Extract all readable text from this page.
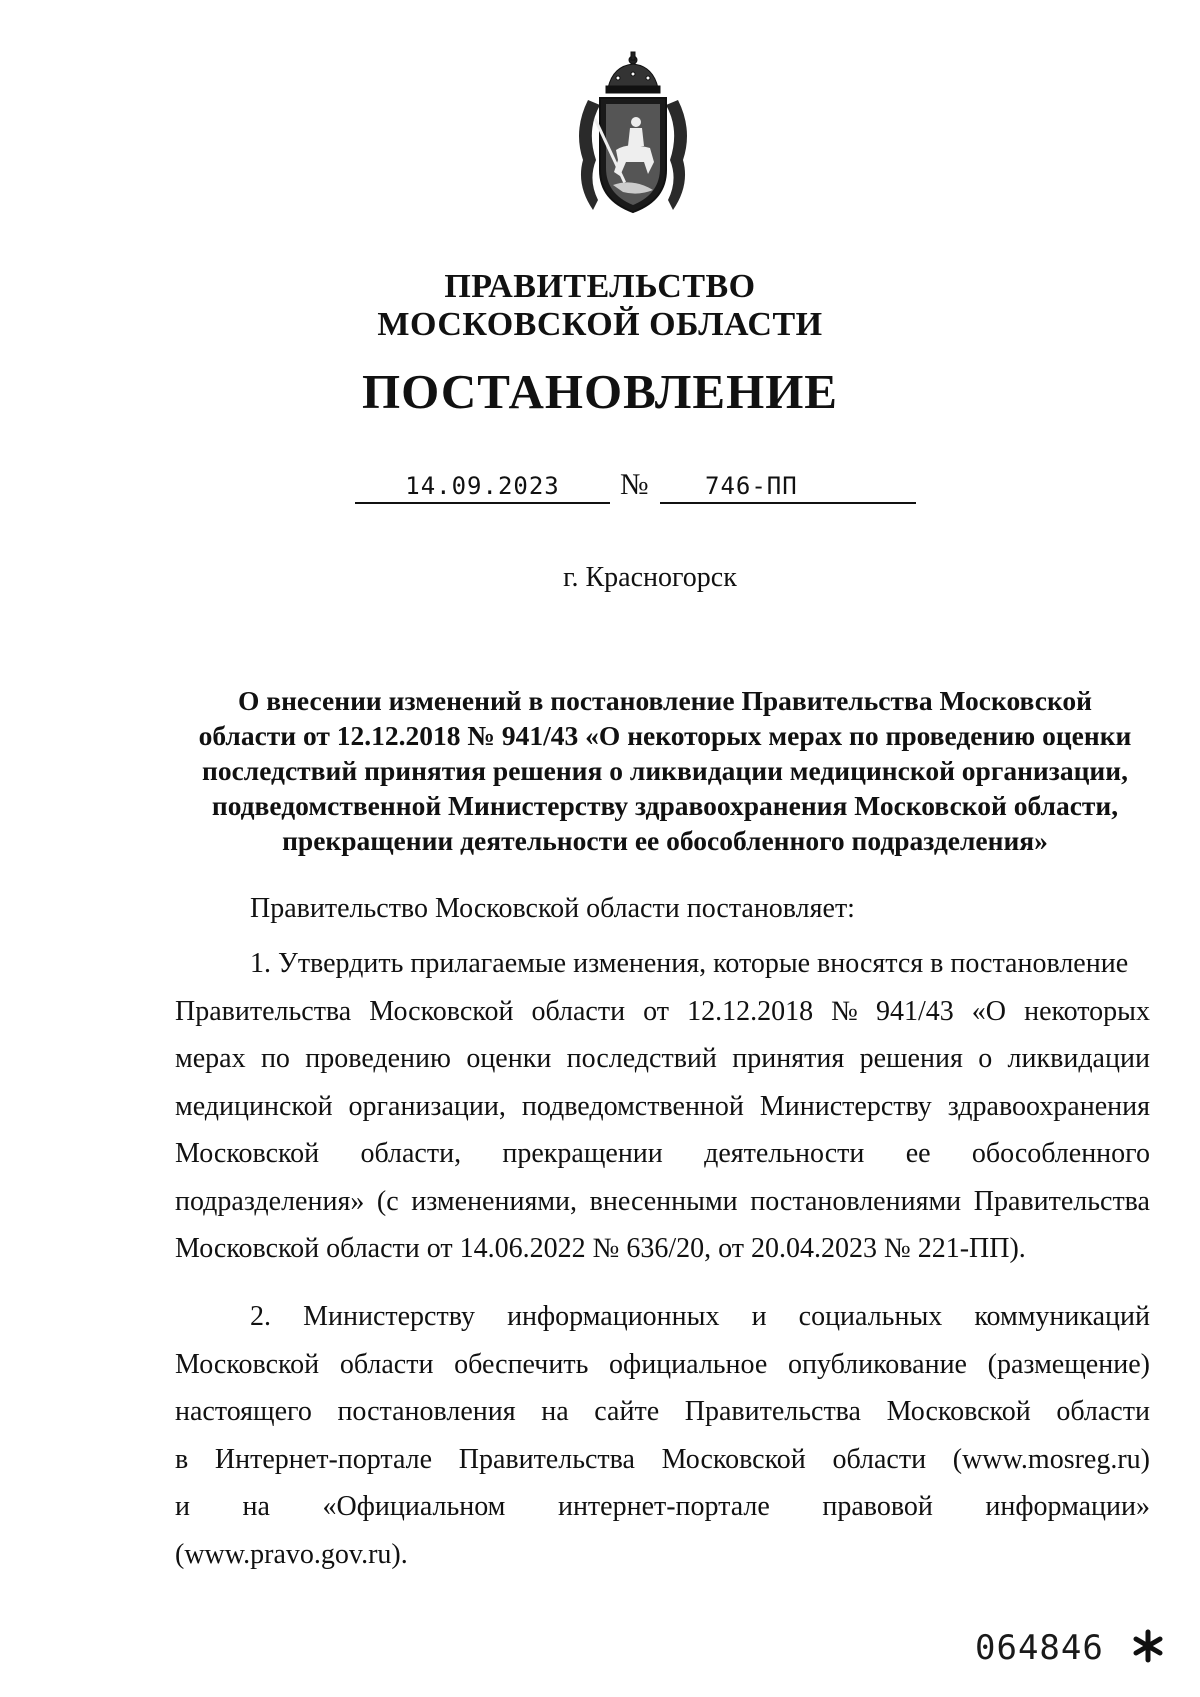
ПРАВИТЕЛЬСТВО
МОСКОВСКОЙ ОБЛАСТИ
ПОСТАНОВЛЕНИЕ
14.09.2023	№	746-ПП
г. Красногорск
О внесении изменений в постановление Правительства Московской
области от 12.12.2018 № 941/43 «О некоторых мерах по проведению оценки
последствий принятия решения о ликвидации медицинской организации,
подведомственной Министерству здравоохранения Московской области,
прекращении деятельности ее обособленного подразделения»
Правительство Московской области постановляет:
1. Утвердить прилагаемые изменения, которые вносятся в постановление
Правительства Московской области от 12.12.2018 № 941/43 «О некоторых
мерах по проведению оценки последствий принятия решения о ликвидации
медицинской организации, подведомственной Министерству здравоохранения
Московской области, прекращении деятельности ее обособленного
подразделения» (с изменениями, внесенными постановлениями Правительства
Московской области от 14.06.2022 № 636/20, от 20.04.2023 № 221-ПП).
2. Министерству информационных и социальных коммуникаций
Московской области обеспечить официальное опубликование (размещение)
настоящего постановления на сайте Правительства Московской области
в Интернет-портале Правительства Московской области (www.mosreg.ru)
и на «Официальном интернет-портале правовой информации»
(www.pravo.gov.ru).
064846
